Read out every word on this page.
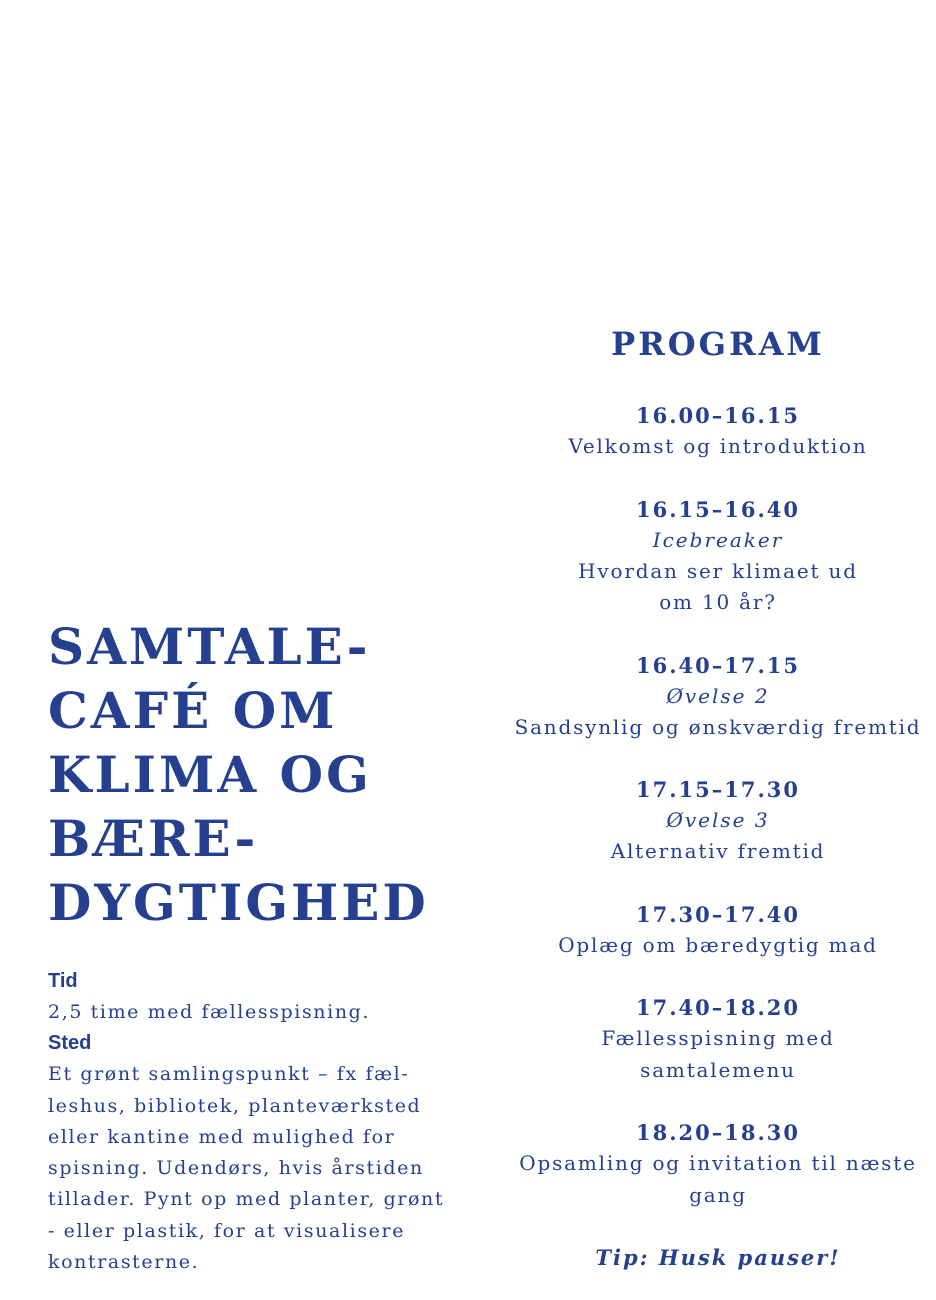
SAMTALE-
CAFÉ OM
KLIMA OG
BÆRE-
DYGTIGHED
Tid
2,5 time med fællesspisning.
Sted
Et grønt samlingspunkt – fx fæl-
leshus, bibliotek, planteværksted
eller kantine med mulighed for
spisning. Udendørs, hvis årstiden
tillader. Pynt op med planter, grønt
- eller plastik, for at visualisere
kontrasterne.
PROGRAM
16.00–16.15
Velkomst og introduktion
16.15–16.40
Icebreaker
Hvordan ser klimaet ud
om 10 år?
16.40–17.15
Øvelse 2
Sandsynlig og ønskværdig fremtid
17.15–17.30
Øvelse 3
Alternativ fremtid
17.30–17.40
Oplæg om bæredygtig mad
17.40–18.20
Fællesspisning med
samtalemenu
18.20–18.30
Opsamling og invitation til næste
gang
Tip: Husk pauser!
